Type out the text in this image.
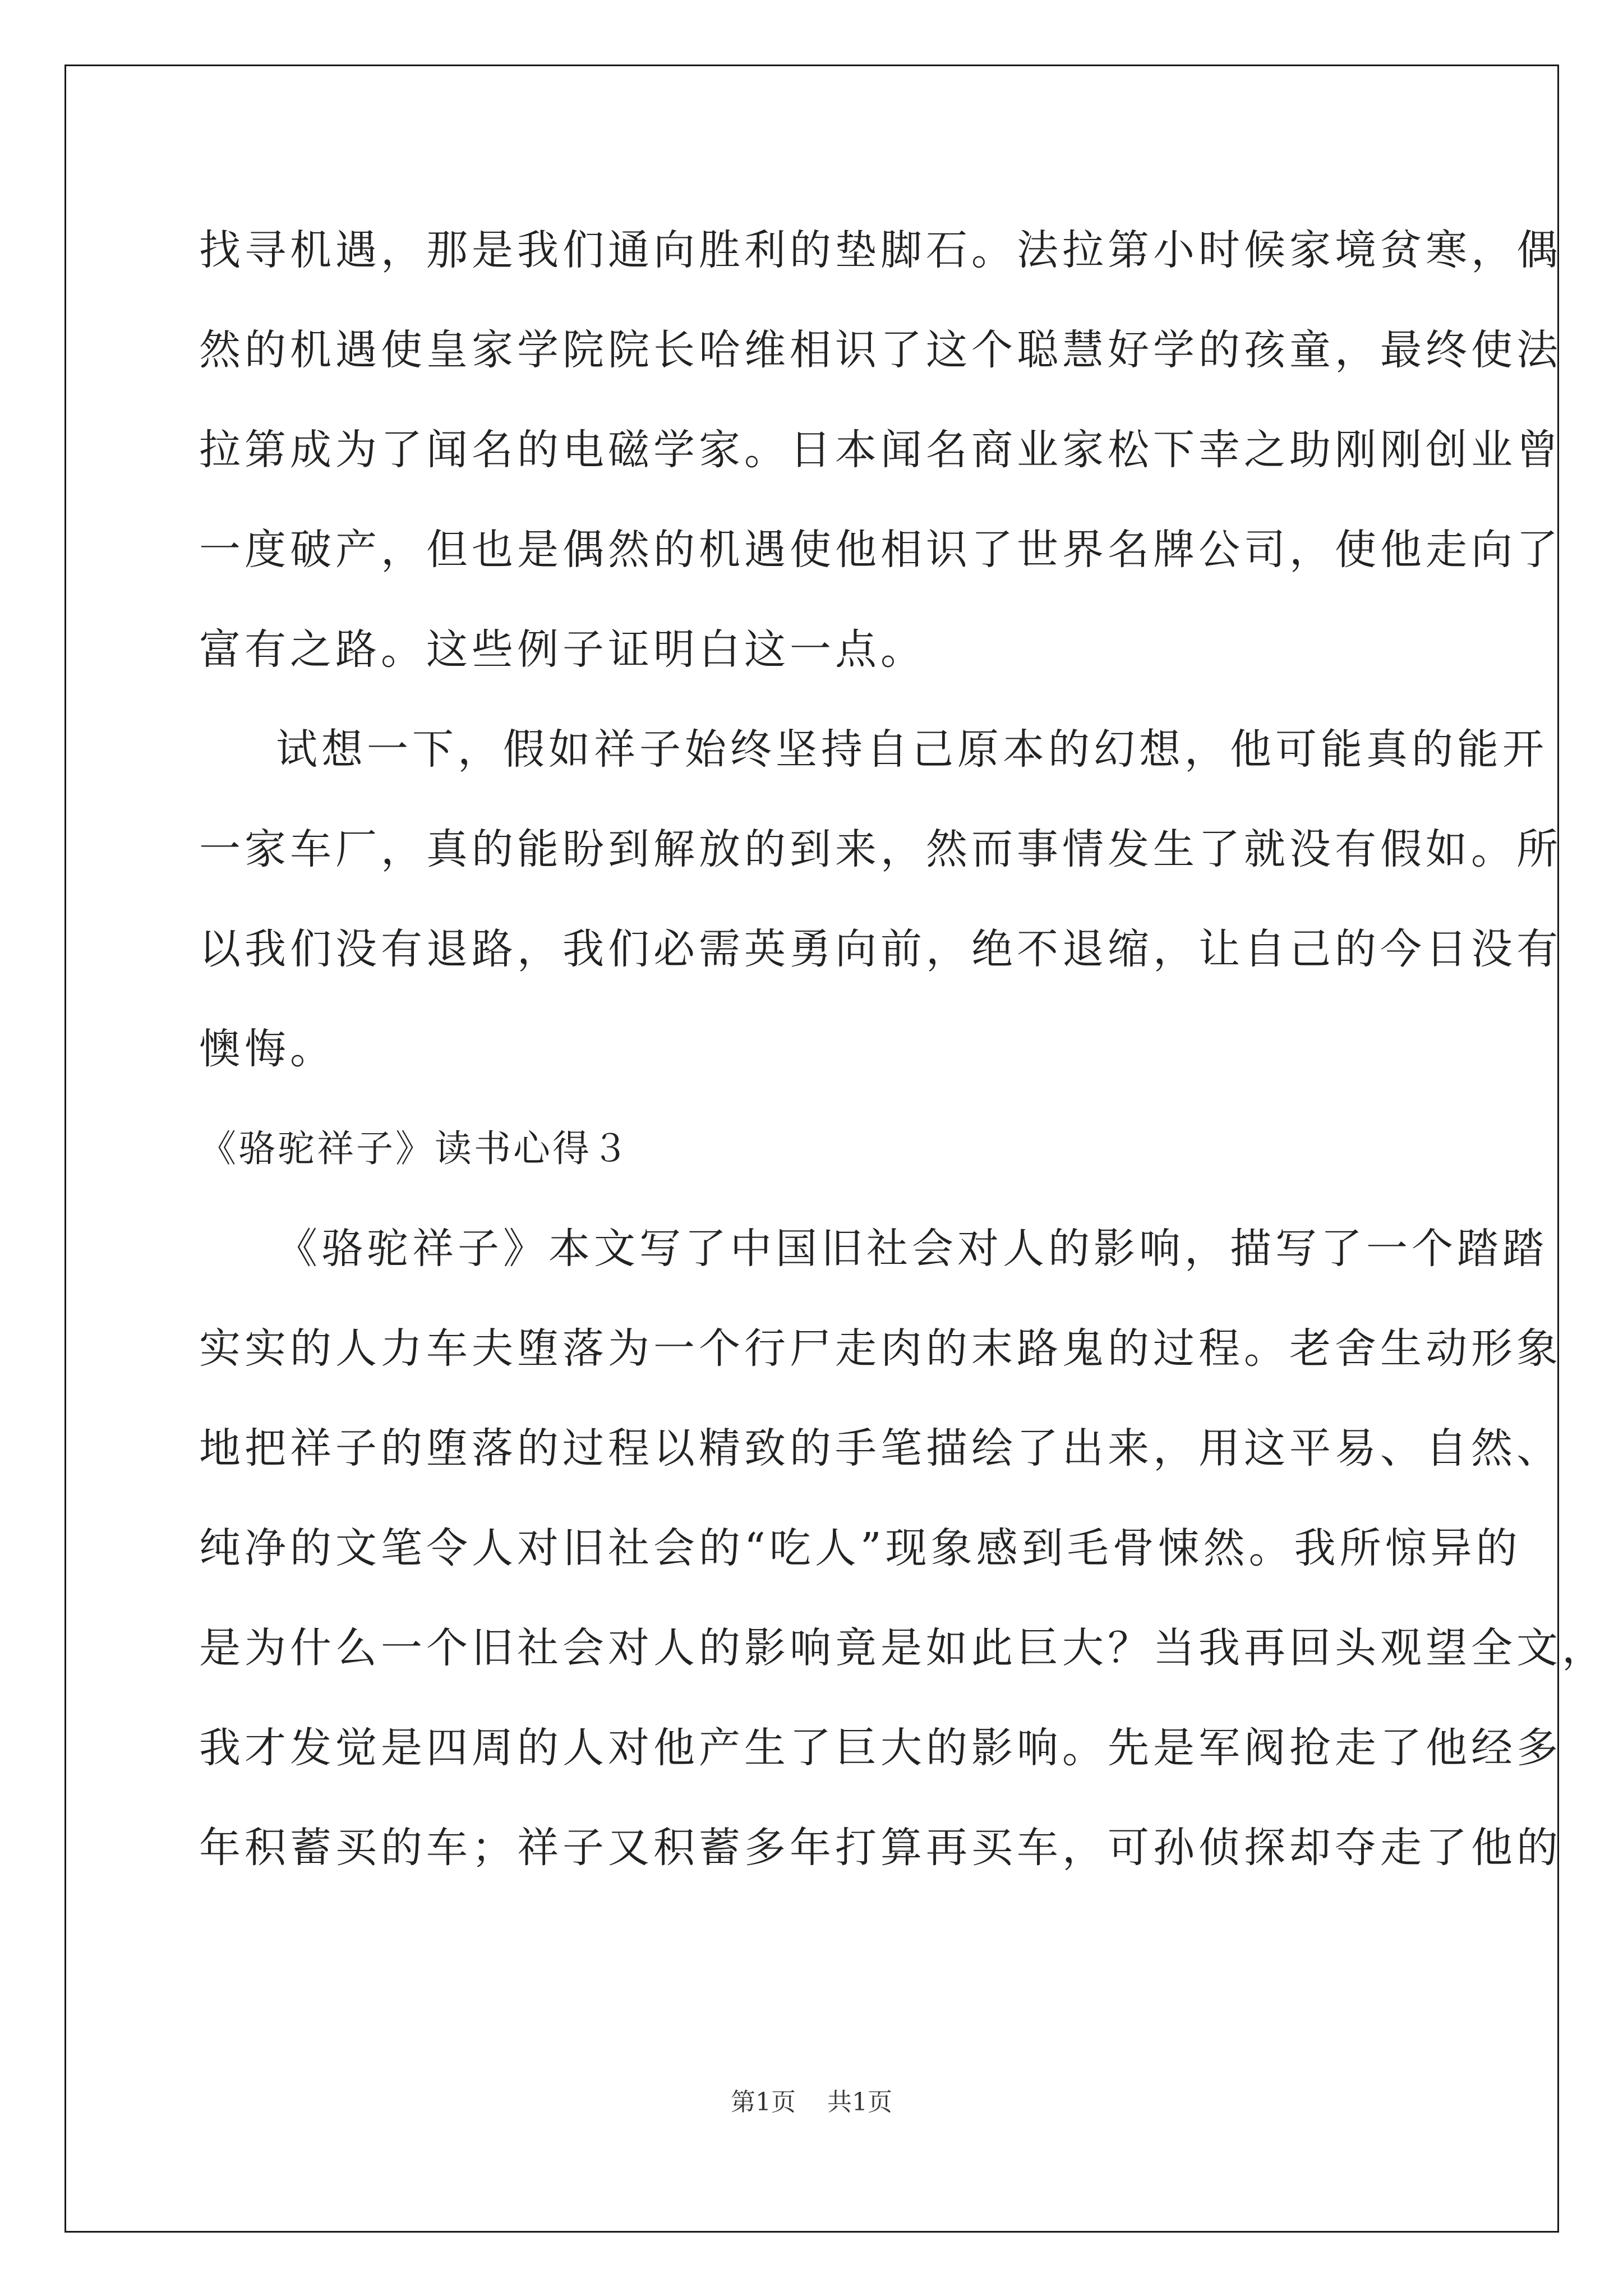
找寻机遇，那是我们通向胜利的垫脚石。法拉第小时候家境贫寒，偶
然的机遇使皇家学院院长哈维相识了这个聪慧好学的孩童，最终使法
拉第成为了闻名的电磁学家。日本闻名商业家松下幸之助刚刚创业曾
一度破产，但也是偶然的机遇使他相识了世界名牌公司，使他走向了
富有之路。这些例子证明白这一点。
试想一下，假如祥子始终坚持自己原本的幻想，他可能真的能开
一家车厂，真的能盼到解放的到来，然而事情发生了就没有假如。所
以我们没有退路，我们必需英勇向前，绝不退缩，让自己的今日没有
懊悔。
《骆驼祥子》读书心得３
《骆驼祥子》本文写了中国旧社会对人的影响，描写了一个踏踏
实实的人力车夫堕落为一个行尸走肉的末路鬼的过程。老舍生动形象
地把祥子的堕落的过程以精致的手笔描绘了出来，用这平易、自然、
纯净的文笔令人对旧社会的“吃人”现象感到毛骨悚然。我所惊异的
是为什么一个旧社会对人的影响竟是如此巨大？当我再回头观望全文，
我才发觉是四周的人对他产生了巨大的影响。先是军阀抢走了他经多
年积蓄买的车；祥子又积蓄多年打算再买车，可孙侦探却夺走了他的
第1页    共1页
